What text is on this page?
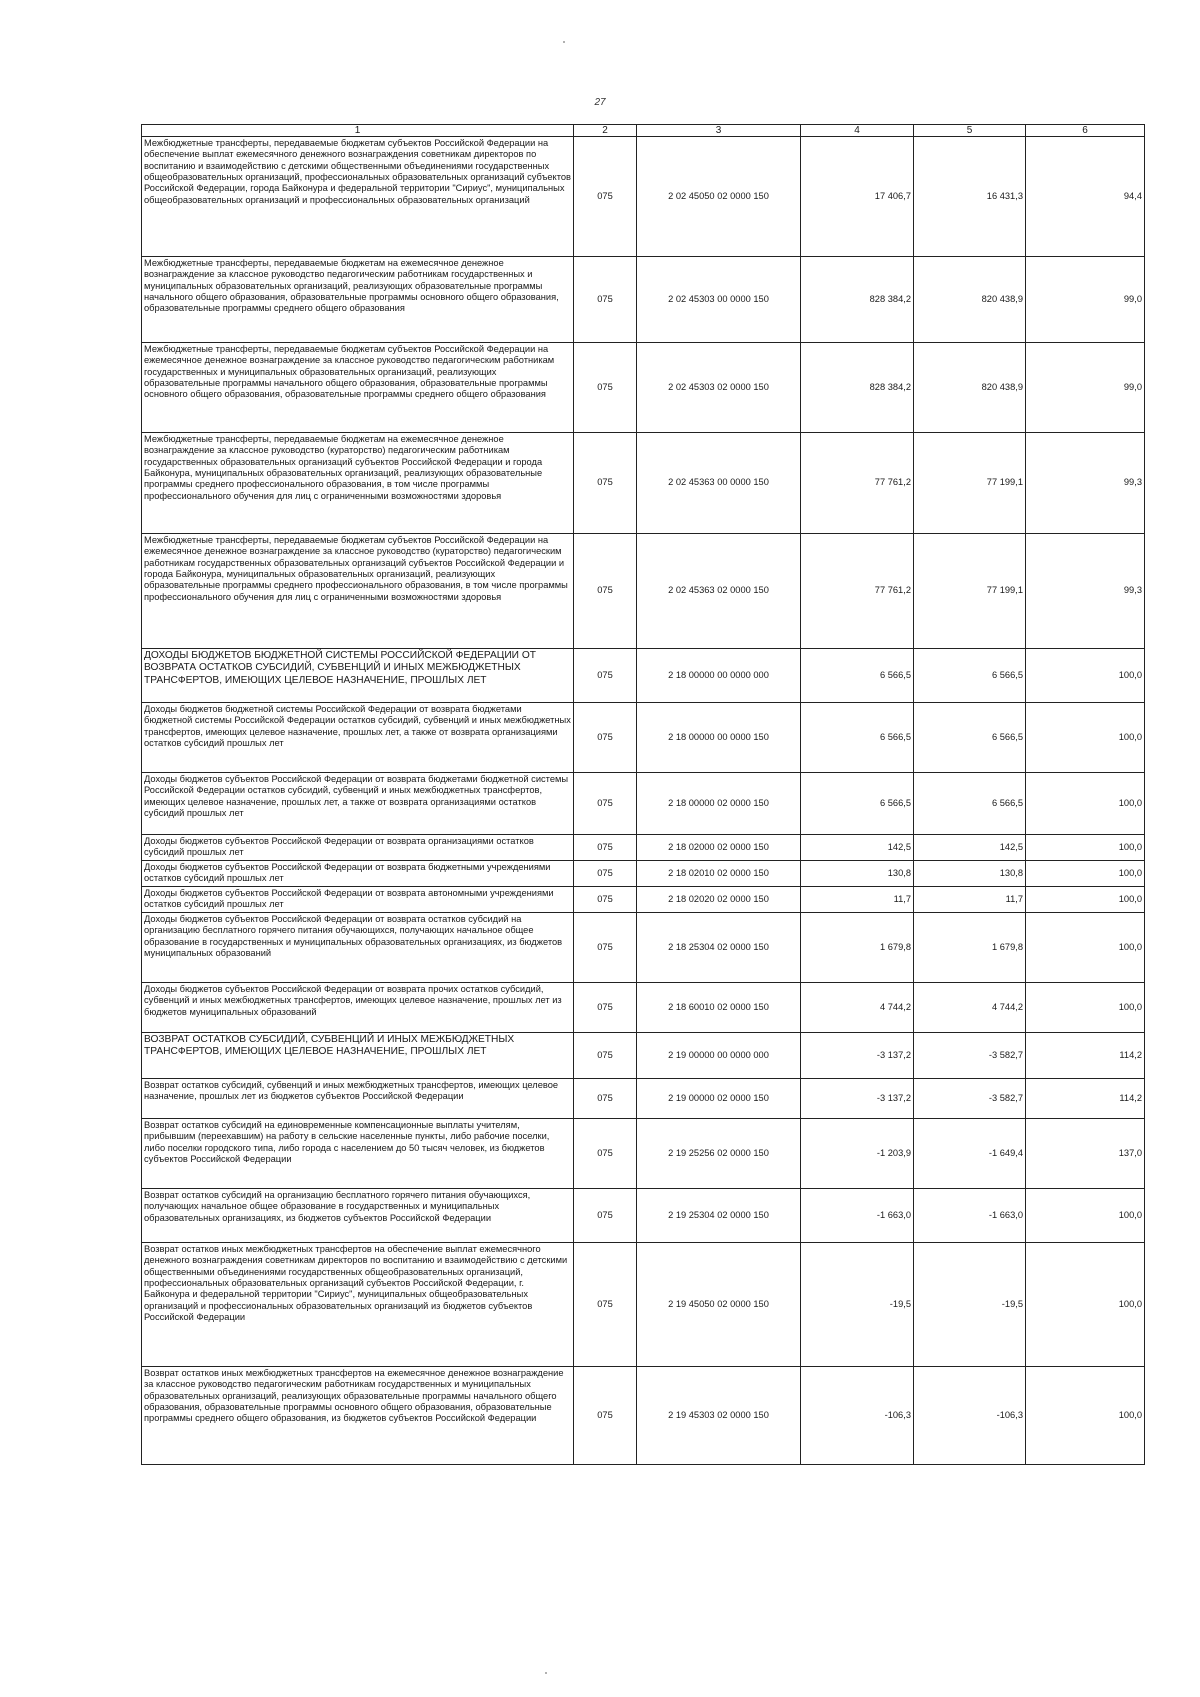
27
1	2	3	4	5	6
Межбюджетные трансферты, передаваемые бюджетам субъектов Российской Федерации на обеспечение выплат ежемесячного денежного вознаграждения советникам директоров по воспитанию и взаимодействию с детскими общественными объединениями государственных общеобразовательных организаций, профессиональных образовательных организаций субъектов Российской Федерации, города Байконура и федеральной территории "Сириус", муниципальных общеобразовательных организаций и профессиональных образовательных организаций	075	2 02 45050 02 0000 150	17 406,7	16 431,3	94,4
Межбюджетные трансферты, передаваемые бюджетам на ежемесячное денежное вознаграждение за классное руководство педагогическим работникам государственных и муниципальных образовательных организаций, реализующих образовательные программы начального общего образования, образовательные программы основного общего образования, образовательные программы среднего общего образования	075	2 02 45303 00 0000 150	828 384,2	820 438,9	99,0
Межбюджетные трансферты, передаваемые бюджетам субъектов Российской Федерации на ежемесячное денежное вознаграждение за классное руководство педагогическим работникам государственных и муниципальных образовательных организаций, реализующих образовательные программы начального общего образования, образовательные программы основного общего образования, образовательные программы среднего общего образования	075	2 02 45303 02 0000 150	828 384,2	820 438,9	99,0
Межбюджетные трансферты, передаваемые бюджетам на ежемесячное денежное вознаграждение за классное руководство (кураторство) педагогическим работникам государственных образовательных организаций субъектов Российской Федерации и города Байконура, муниципальных образовательных организаций, реализующих образовательные программы среднего профессионального образования, в том числе программы профессионального обучения для лиц с ограниченными возможностями здоровья	075	2 02 45363 00 0000 150	77 761,2	77 199,1	99,3
Межбюджетные трансферты, передаваемые бюджетам субъектов Российской Федерации на ежемесячное денежное вознаграждение за классное руководство (кураторство) педагогическим работникам государственных образовательных организаций субъектов Российской Федерации и города Байконура, муниципальных образовательных организаций, реализующих образовательные программы среднего профессионального образования, в том числе программы профессионального обучения для лиц с ограниченными возможностями здоровья	075	2 02 45363 02 0000 150	77 761,2	77 199,1	99,3
ДОХОДЫ БЮДЖЕТОВ БЮДЖЕТНОЙ СИСТЕМЫ РОССИЙСКОЙ ФЕДЕРАЦИИ ОТ ВОЗВРАТА ОСТАТКОВ СУБСИДИЙ, СУБВЕНЦИЙ И ИНЫХ МЕЖБЮДЖЕТНЫХ ТРАНСФЕРТОВ, ИМЕЮЩИХ ЦЕЛЕВОЕ НАЗНАЧЕНИЕ, ПРОШЛЫХ ЛЕТ	075	2 18 00000 00 0000 000	6 566,5	6 566,5	100,0
Доходы бюджетов бюджетной системы Российской Федерации от возврата бюджетами бюджетной системы Российской Федерации остатков субсидий, субвенций и иных межбюджетных трансфертов, имеющих целевое назначение, прошлых лет, а также от возврата организациями остатков субсидий прошлых лет	075	2 18 00000 00 0000 150	6 566,5	6 566,5	100,0
Доходы бюджетов субъектов Российской Федерации от возврата бюджетами бюджетной системы Российской Федерации остатков субсидий, субвенций и иных межбюджетных трансфертов, имеющих целевое назначение, прошлых лет, а также от возврата организациями остатков субсидий прошлых лет	075	2 18 00000 02 0000 150	6 566,5	6 566,5	100,0
Доходы бюджетов субъектов Российской Федерации от возврата организациями остатков субсидий прошлых лет	075	2 18 02000 02 0000 150	142,5	142,5	100,0
Доходы бюджетов субъектов Российской Федерации от возврата бюджетными учреждениями остатков субсидий прошлых лет	075	2 18 02010 02 0000 150	130,8	130,8	100,0
Доходы бюджетов субъектов Российской Федерации от возврата автономными учреждениями остатков субсидий прошлых лет	075	2 18 02020 02 0000 150	11,7	11,7	100,0
Доходы бюджетов субъектов Российской Федерации от возврата остатков субсидий на организацию бесплатного горячего питания обучающихся, получающих начальное общее образование в государственных и муниципальных образовательных организациях, из бюджетов муниципальных образований	075	2 18 25304 02 0000 150	1 679,8	1 679,8	100,0
Доходы бюджетов субъектов Российской Федерации от возврата прочих остатков субсидий, субвенций и иных межбюджетных трансфертов, имеющих целевое назначение, прошлых лет из бюджетов муниципальных образований	075	2 18 60010 02 0000 150	4 744,2	4 744,2	100,0
ВОЗВРАТ ОСТАТКОВ СУБСИДИЙ, СУБВЕНЦИЙ И ИНЫХ МЕЖБЮДЖЕТНЫХ ТРАНСФЕРТОВ, ИМЕЮЩИХ ЦЕЛЕВОЕ НАЗНАЧЕНИЕ, ПРОШЛЫХ ЛЕТ	075	2 19 00000 00 0000 000	-3 137,2	-3 582,7	114,2
Возврат остатков субсидий, субвенций и иных межбюджетных трансфертов, имеющих целевое назначение, прошлых лет из бюджетов субъектов Российской Федерации	075	2 19 00000 02 0000 150	-3 137,2	-3 582,7	114,2
Возврат остатков субсидий на единовременные компенсационные выплаты учителям, прибывшим (переехавшим) на работу в сельские населенные пункты, либо рабочие поселки, либо поселки городского типа, либо города с населением до 50 тысяч человек, из бюджетов субъектов Российской Федерации	075	2 19 25256 02 0000 150	-1 203,9	-1 649,4	137,0
Возврат остатков субсидий на организацию бесплатного горячего питания обучающихся, получающих начальное общее образование в государственных и муниципальных образовательных организациях, из бюджетов субъектов Российской Федерации	075	2 19 25304 02 0000 150	-1 663,0	-1 663,0	100,0
Возврат остатков иных межбюджетных трансфертов на обеспечение выплат ежемесячного денежного вознаграждения советникам директоров по воспитанию и взаимодействию с детскими общественными объединениями государственных общеобразовательных организаций, профессиональных образовательных организаций субъектов Российской Федерации, г. Байконура и федеральной территории "Сириус", муниципальных общеобразовательных организаций и профессиональных образовательных организаций из бюджетов субъектов Российской Федерации	075	2 19 45050 02 0000 150	-19,5	-19,5	100,0
Возврат остатков иных межбюджетных трансфертов на ежемесячное денежное вознаграждение за классное руководство педагогическим работникам государственных и муниципальных образовательных организаций, реализующих образовательные программы начального общего образования, образовательные программы основного общего образования, образовательные программы среднего общего образования, из бюджетов субъектов Российской Федерации	075	2 19 45303 02 0000 150	-106,3	-106,3	100,0
